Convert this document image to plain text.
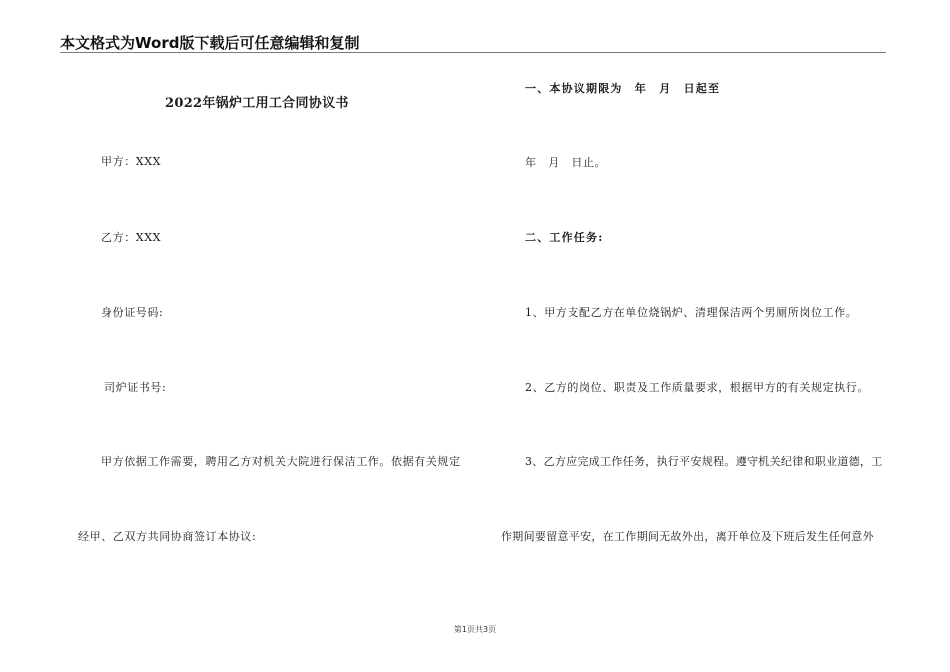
本文格式为Word版下载后可任意编辑和复制
2022年锅炉工用工合同协议书
甲方：XXX
乙方：XXX
身份证号码:
司炉证书号:
甲方依据工作需要，聘用乙方对机关大院进行保洁工作。依据有关规定
经甲、乙双方共同协商签订本协议:
一、本协议期限为　年　月　日起至
年　月　日止。
二、工作任务:
1、甲方支配乙方在单位烧锅炉、清理保洁两个男厕所岗位工作。
2、乙方的岗位、职责及工作质量要求，根据甲方的有关规定执行。
3、乙方应完成工作任务，执行平安规程。遵守机关纪律和职业道德，工
作期间要留意平安，在工作期间无故外出，离开单位及下班后发生任何意外
第1页共3页
